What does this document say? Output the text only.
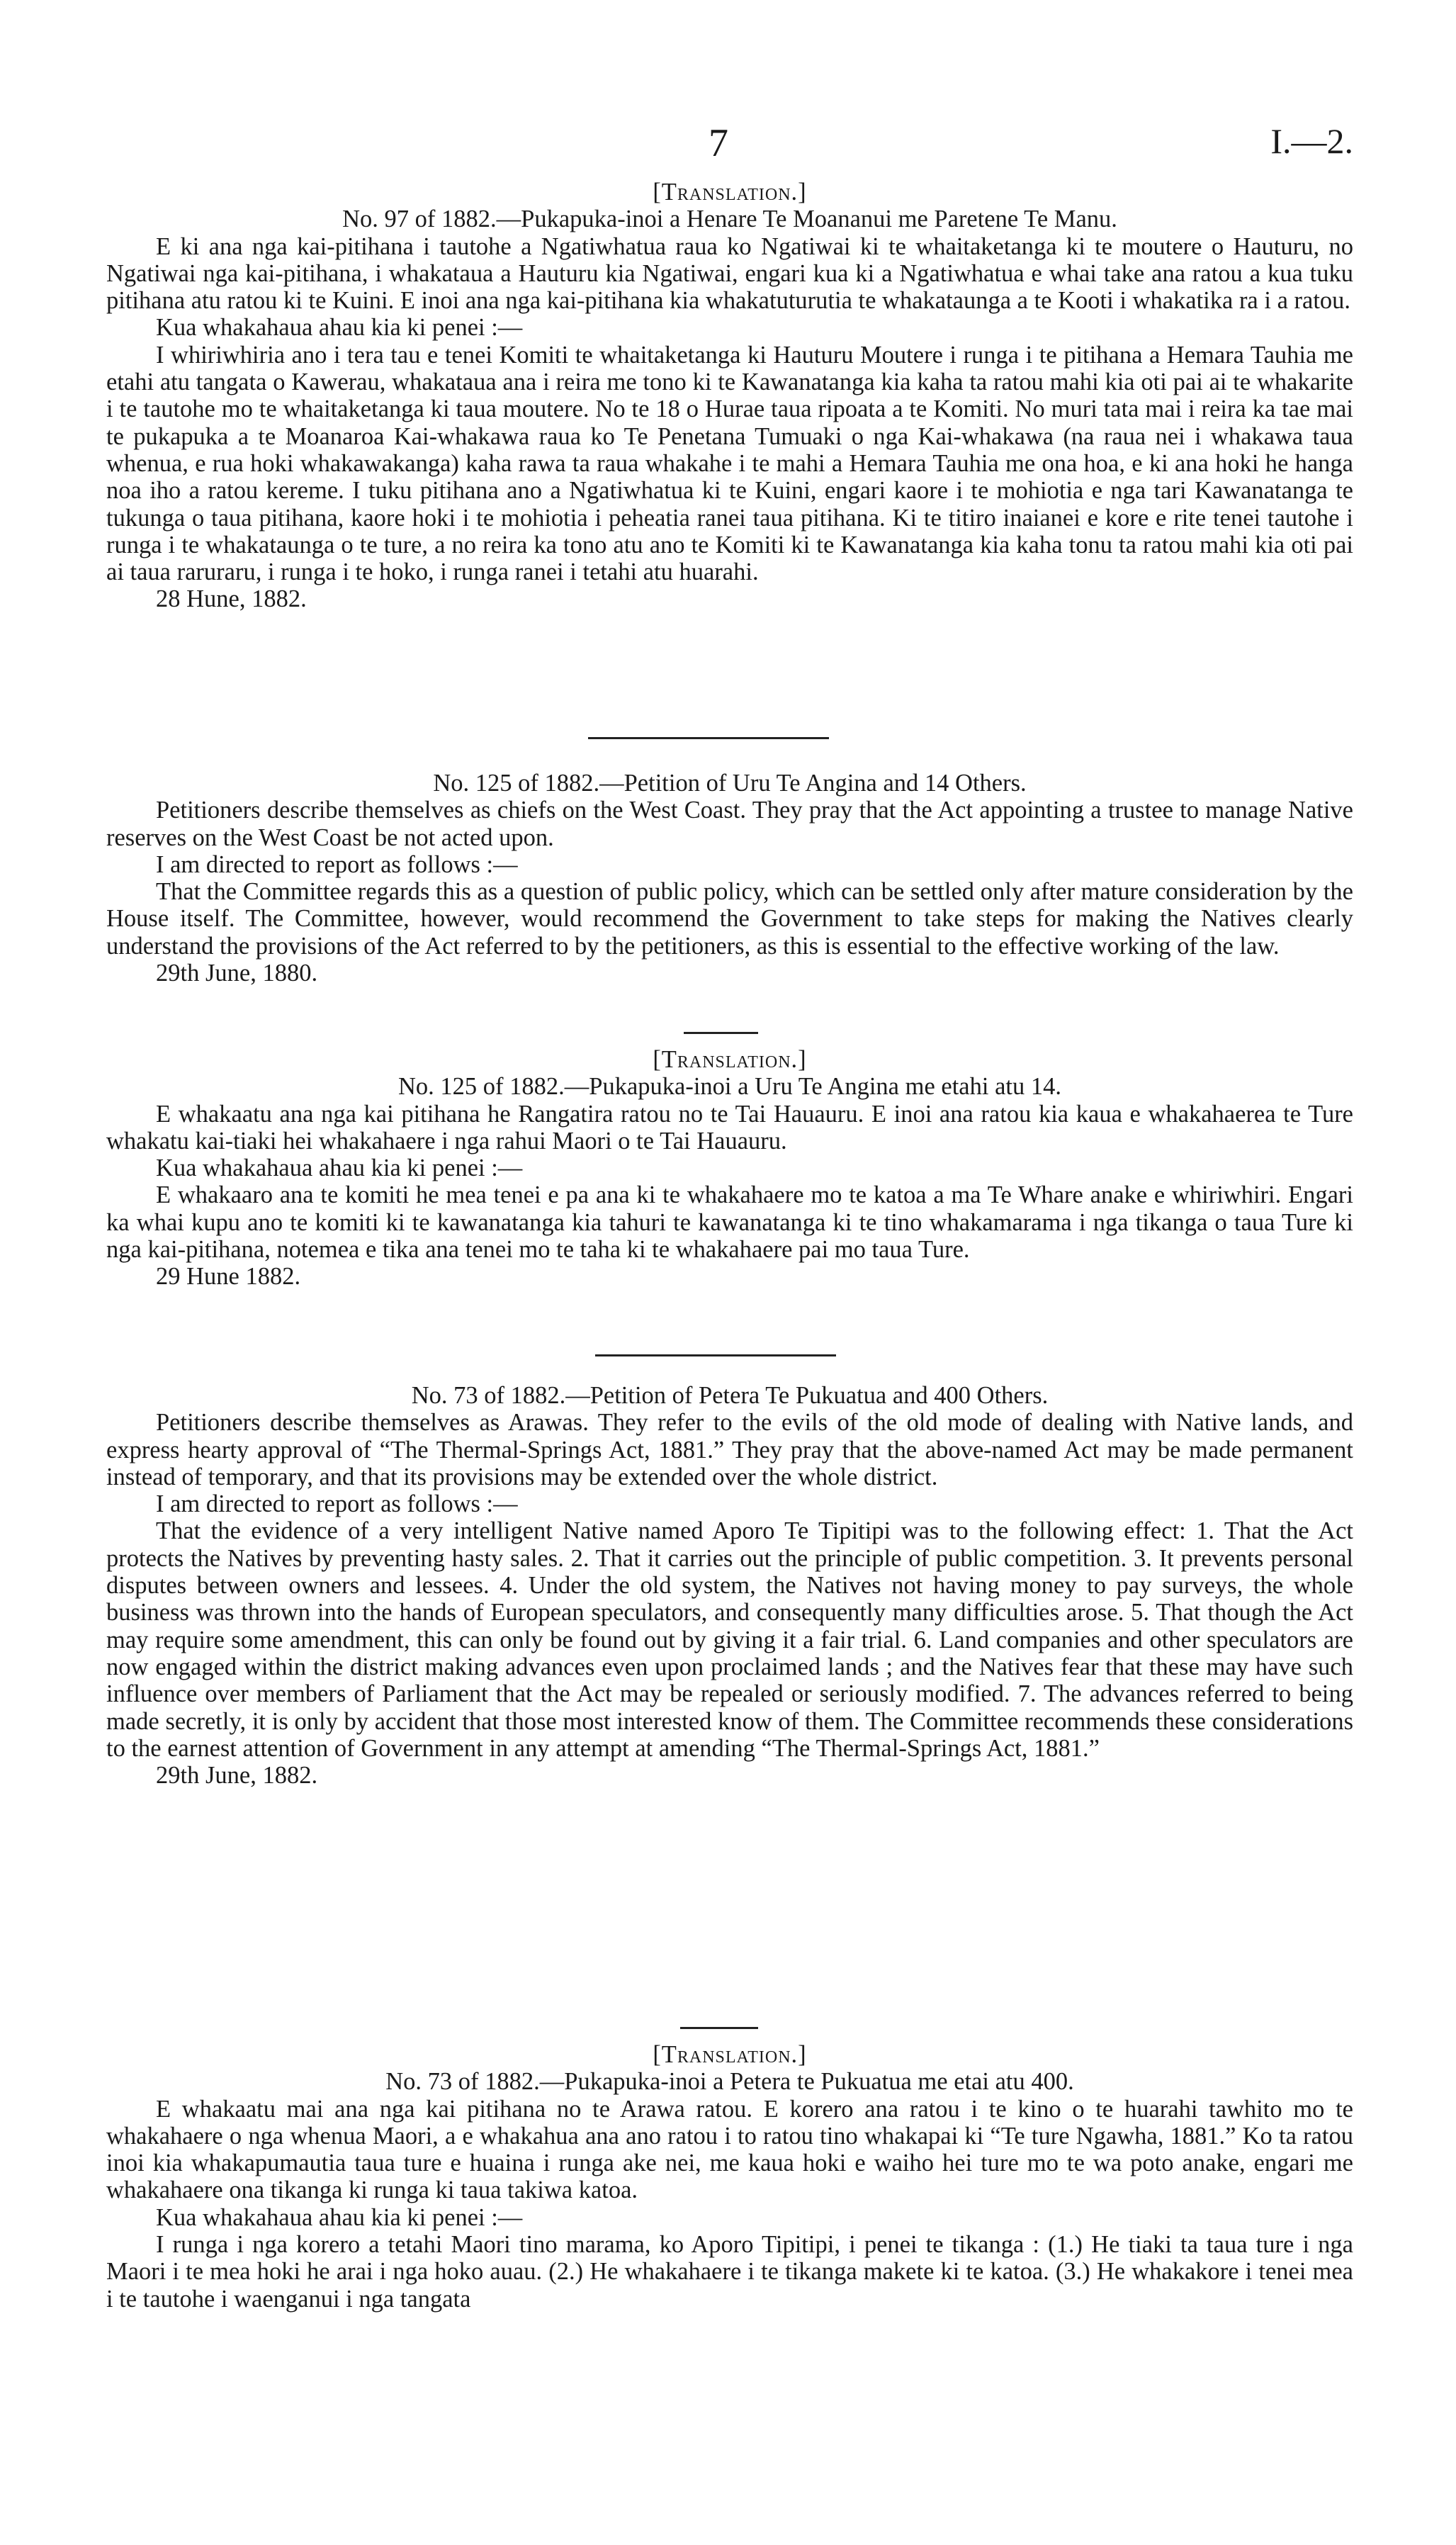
7	I.—2.

[Translation.]

No. 97 of 1882.—Pukapuka-inoi a Henare Te Moananui me Paretene Te Manu.

E ki ana nga kai-pitihana i tautohe a Ngatiwhatua raua ko Ngatiwai ki te whaitaketanga ki te moutere o Hauturu, no Ngatiwai nga kai-pitihana, i whakataua a Hauturu kia Ngatiwai, engari kua ki a Ngatiwhatua e whai take ana ratou a kua tuku pitihana atu ratou ki te Kuini. E inoi ana nga kai-pitihana kia whakatuturutia te whakataunga a te Kooti i whakatika ra i a ratou.

Kua whakahaua ahau kia ki penei :—

I whiriwhiria ano i tera tau e tenei Komiti te whaitaketanga ki Hauturu Moutere i runga i te pitihana a Hemara Tauhia me etahi atu tangata o Kawerau, whakataua ana i reira me tono ki te Kawanatanga kia kaha ta ratou mahi kia oti pai ai te whakarite i te tautohe mo te whaitaketanga ki taua moutere. No te 18 o Hurae taua ripoata a te Komiti. No muri tata mai i reira ka tae mai te pukapuka a te Moanaroa Kai-whakawa raua ko Te Penetana Tumuaki o nga Kai-whakawa (na raua nei i whakawa taua whenua, e rua hoki whakawakanga) kaha rawa ta raua whakahe i te mahi a Hemara Tauhia me ona hoa, e ki ana hoki he hanga noa iho a ratou kereme. I tuku pitihana ano a Ngatiwhatua ki te Kuini, engari kaore i te mohiotia e nga tari Kawanatanga te tukunga o taua pitihana, kaore hoki i te mohiotia i peheatia ranei taua pitihana. Ki te titiro inaianei e kore e rite tenei tautohe i runga i te whakataunga o te ture, a no reira ka tono atu ano te Komiti ki te Kawanatanga kia kaha tonu ta ratou mahi kia oti pai ai taua raruraru, i runga i te hoko, i runga ranei i tetahi atu huarahi.

28 Hune, 1882.

No. 125 of 1882.—Petition of Uru Te Angina and 14 Others.

Petitioners describe themselves as chiefs on the West Coast. They pray that the Act appointing a trustee to manage Native reserves on the West Coast be not acted upon.

I am directed to report as follows :—

That the Committee regards this as a question of public policy, which can be settled only after mature consideration by the House itself. The Committee, however, would recommend the Government to take steps for making the Natives clearly understand the provisions of the Act referred to by the petitioners, as this is essential to the effective working of the law.

29th June, 1880.

[Translation.]

No. 125 of 1882.—Pukapuka-inoi a Uru Te Angina me etahi atu 14.

E whakaatu ana nga kai pitihana he Rangatira ratou no te Tai Hauauru. E inoi ana ratou kia kaua e whakahaerea te Ture whakatu kai-tiaki hei whakahaere i nga rahui Maori o te Tai Hauauru.

Kua whakahaua ahau kia ki penei :—

E whakaaro ana te komiti he mea tenei e pa ana ki te whakahaere mo te katoa a ma Te Whare anake e whiriwhiri. Engari ka whai kupu ano te komiti ki te kawanatanga kia tahuri te kawanatanga ki te tino whakamarama i nga tikanga o taua Ture ki nga kai-pitihana, notemea e tika ana tenei mo te taha ki te whakahaere pai mo taua Ture.

29 Hune 1882.

No. 73 of 1882.—Petition of Petera Te Pukuatua and 400 Others.

Petitioners describe themselves as Arawas. They refer to the evils of the old mode of dealing with Native lands, and express hearty approval of “The Thermal-Springs Act, 1881.” They pray that the above-named Act may be made permanent instead of temporary, and that its provisions may be extended over the whole district.

I am directed to report as follows :—

That the evidence of a very intelligent Native named Aporo Te Tipitipi was to the following effect: 1. That the Act protects the Natives by preventing hasty sales. 2. That it carries out the principle of public competition. 3. It prevents personal disputes between owners and lessees. 4. Under the old system, the Natives not having money to pay surveys, the whole business was thrown into the hands of European speculators, and consequently many difficulties arose. 5. That though the Act may require some amendment, this can only be found out by giving it a fair trial. 6. Land companies and other speculators are now engaged within the district making advances even upon proclaimed lands ; and the Natives fear that these may have such influence over members of Parliament that the Act may be repealed or seriously modified. 7. The advances referred to being made secretly, it is only by accident that those most interested know of them. The Committee recommends these considerations to the earnest attention of Government in any attempt at amending “The Thermal-Springs Act, 1881.”

29th June, 1882.

[Translation.]

No. 73 of 1882.—Pukapuka-inoi a Petera te Pukuatua me etai atu 400.

E whakaatu mai ana nga kai pitihana no te Arawa ratou. E korero ana ratou i te kino o te huarahi tawhito mo te whakahaere o nga whenua Maori, a e whakahua ana ano ratou i to ratou tino whakapai ki “Te ture Ngawha, 1881.” Ko ta ratou inoi kia whakapumautia taua ture e huaina i runga ake nei, me kaua hoki e waiho hei ture mo te wa poto anake, engari me whakahaere ona tikanga ki runga ki taua takiwa katoa.

Kua whakahaua ahau kia ki penei :—

I runga i nga korero a tetahi Maori tino marama, ko Aporo Tipitipi, i penei te tikanga : (1.) He tiaki ta taua ture i nga Maori i te mea hoki he arai i nga hoko auau. (2.) He whakahaere i te tikanga makete ki te katoa. (3.) He whakakore i tenei mea i te tautohe i waenganui i nga tangata
